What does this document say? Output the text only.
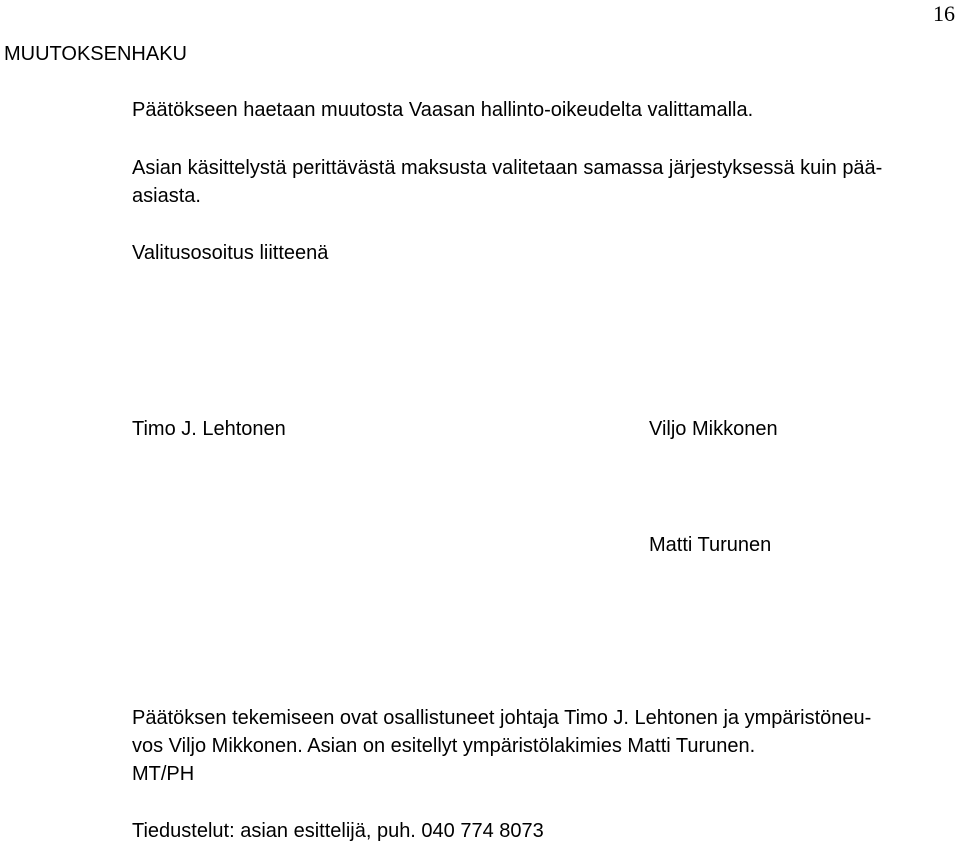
16
MUUTOKSENHAKU
Päätökseen haetaan muutosta Vaasan hallinto-oikeudelta valittamalla.
Asian käsittelystä perittävästä maksusta valitetaan samassa järjestyksessä kuin pää-
asiasta.
Valitusosoitus liitteenä
Timo J. Lehtonen	Viljo Mikkonen
Matti Turunen
Päätöksen tekemiseen ovat osallistuneet johtaja Timo J. Lehtonen ja ympäristöneu-
vos Viljo Mikkonen. Asian on esitellyt ympäristölakimies Matti Turunen.
MT/PH
Tiedustelut: asian esittelijä, puh. 040 774 8073
